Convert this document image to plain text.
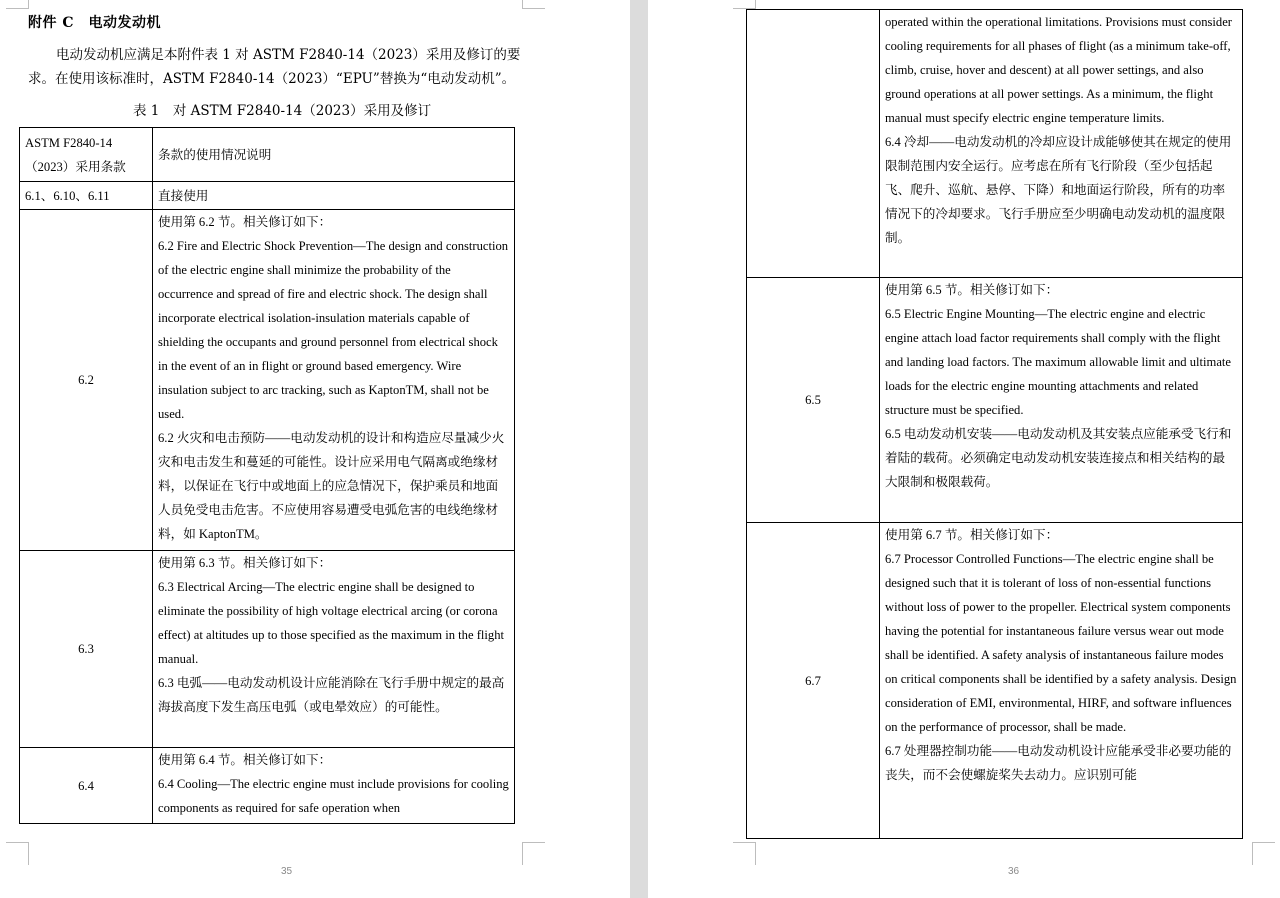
附件 C　电动发动机
电动发动机应满足本附件表 1 对 ASTM F2840-14（2023）采用及修订的要求。在使用该标准时，ASTM F2840-14（2023）“EPU”替换为“电动发动机”。
表 1　对 ASTM F2840-14（2023）采用及修订
ASTM F2840-14
（2023）采用条款	条款的使用情况说明
6.1、6.10、6.11	直接使用

6.2	使用第 6.2 节。相关修订如下：
6.2 Fire and Electric Shock Prevention—The design and construction of the electric engine shall minimize the probability of the occurrence and spread of fire and electric shock. The design shall incorporate electrical isolation-insulation materials capable of shielding the occupants and ground personnel from electrical shock in the event of an in flight or ground based emergency. Wire insulation subject to arc tracking, such as KaptonTM, shall not be used.
6.2 火灾和电击预防——电动发动机的设计和构造应尽量减少火灾和电击发生和蔓延的可能性。设计应采用电气隔离或绝缘材料，以保证在飞行中或地面上的应急情况下，保护乘员和地面人员免受电击危害。不应使用容易遭受电弧危害的电线绝缘材料，如 KaptonTM。

6.3	使用第 6.3 节。相关修订如下：
6.3 Electrical Arcing—The electric engine shall be designed to eliminate the possibility of high voltage electrical arcing (or corona effect) at altitudes up to those specified as the maximum in the flight manual.
6.3 电弧——电动发动机设计应能消除在飞行手册中规定的最高海拔高度下发生高压电弧（或电晕效应）的可能性。

6.4	使用第 6.4 节。相关修订如下：
6.4 Cooling—The electric engine must include provisions for cooling components as required for safe operation when
35

	operated within the operational limitations. Provisions must consider cooling requirements for all phases of flight (as a minimum take-off, climb, cruise, hover and descent) at all power settings, and also ground operations at all power settings. As a minimum, the flight manual must specify electric engine temperature limits.
6.4 冷却——电动发动机的冷却应设计成能够使其在规定的使用限制范围内安全运行。应考虑在所有飞行阶段（至少包括起飞、爬升、巡航、悬停、下降）和地面运行阶段，所有的功率情况下的冷却要求。飞行手册应至少明确电动发动机的温度限制。

6.5	使用第 6.5 节。相关修订如下：
6.5 Electric Engine Mounting—The electric engine and electric engine attach load factor requirements shall comply with the flight and landing load factors. The maximum allowable limit and ultimate loads for the electric engine mounting attachments and related structure must be specified.
6.5 电动发动机安装——电动发动机及其安装点应能承受飞行和着陆的载荷。必须确定电动发动机安装连接点和相关结构的最大限制和极限载荷。

6.7	使用第 6.7 节。相关修订如下：
6.7 Processor Controlled Functions—The electric engine shall be designed such that it is tolerant of loss of non-essential functions without loss of power to the propeller. Electrical system components having the potential for instantaneous failure versus wear out mode shall be identified. A safety analysis of instantaneous failure modes on critical components shall be identified by a safety analysis. Design consideration of EMI, environmental, HIRF, and software influences on the performance of processor, shall be made.
6.7 处理器控制功能——电动发动机设计应能承受非必要功能的丧失，而不会使螺旋桨失去动力。应识别可能
36
